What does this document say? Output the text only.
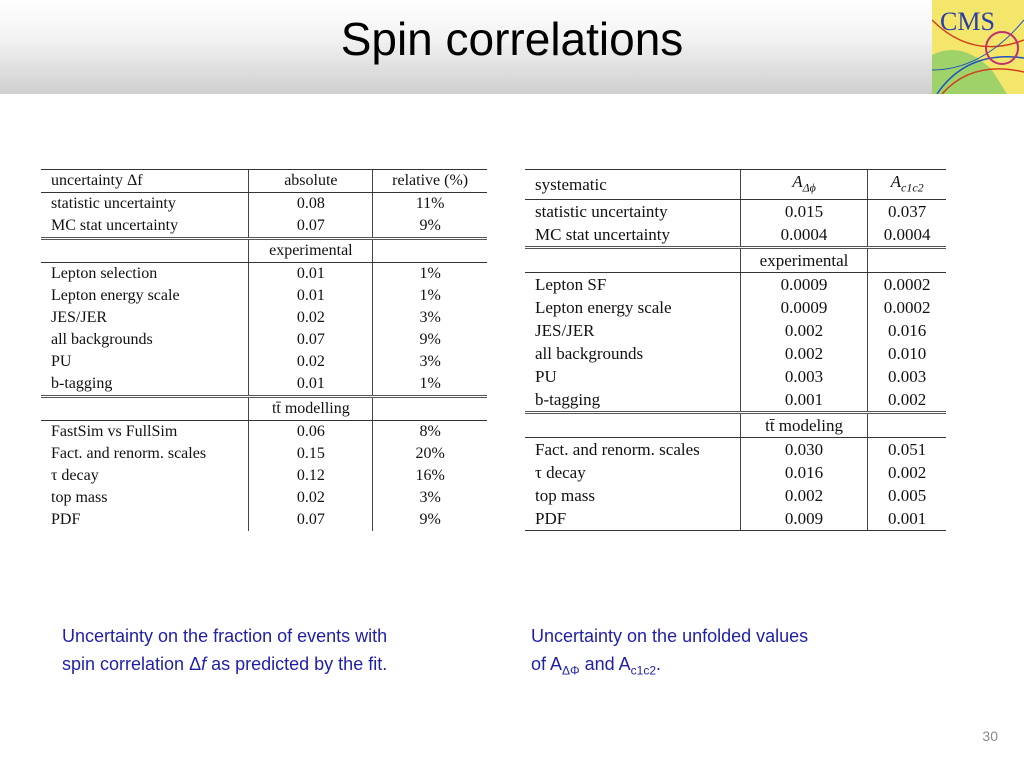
Spin correlations	CMS
uncertainty Δf	absolute	relative (%)
statistic uncertainty	0.08	11%
MC stat uncertainty	0.07	9%
	experimental	
Lepton selection	0.01	1%
Lepton energy scale	0.01	1%
JES/JER	0.02	3%
all backgrounds	0.07	9%
PU	0.02	3%
b-tagging	0.01	1%
	tt̄ modelling	
FastSim vs FullSim	0.06	8%
Fact. and renorm. scales	0.15	20%
τ decay	0.12	16%
top mass	0.02	3%
PDF	0.07	9%
systematic	$A_{\Delta\phi}$	$A_{c1c2}$
statistic uncertainty	0.015	0.037
MC stat uncertainty	0.0004	0.0004
	experimental	
Lepton SF	0.0009	0.0002
Lepton energy scale	0.0009	0.0002
JES/JER	0.002	0.016
all backgrounds	0.002	0.010
PU	0.003	0.003
b-tagging	0.001	0.002
	tt̄ modeling	
Fact. and renorm. scales	0.030	0.051
τ decay	0.016	0.002
top mass	0.002	0.005
PDF	0.009	0.001
Uncertainty on the fraction of events with
spin correlation Δf as predicted by the fit.
Uncertainty on the unfolded values
of $A_{\Delta\Phi}$ and $A_{c1c2}$.
30
